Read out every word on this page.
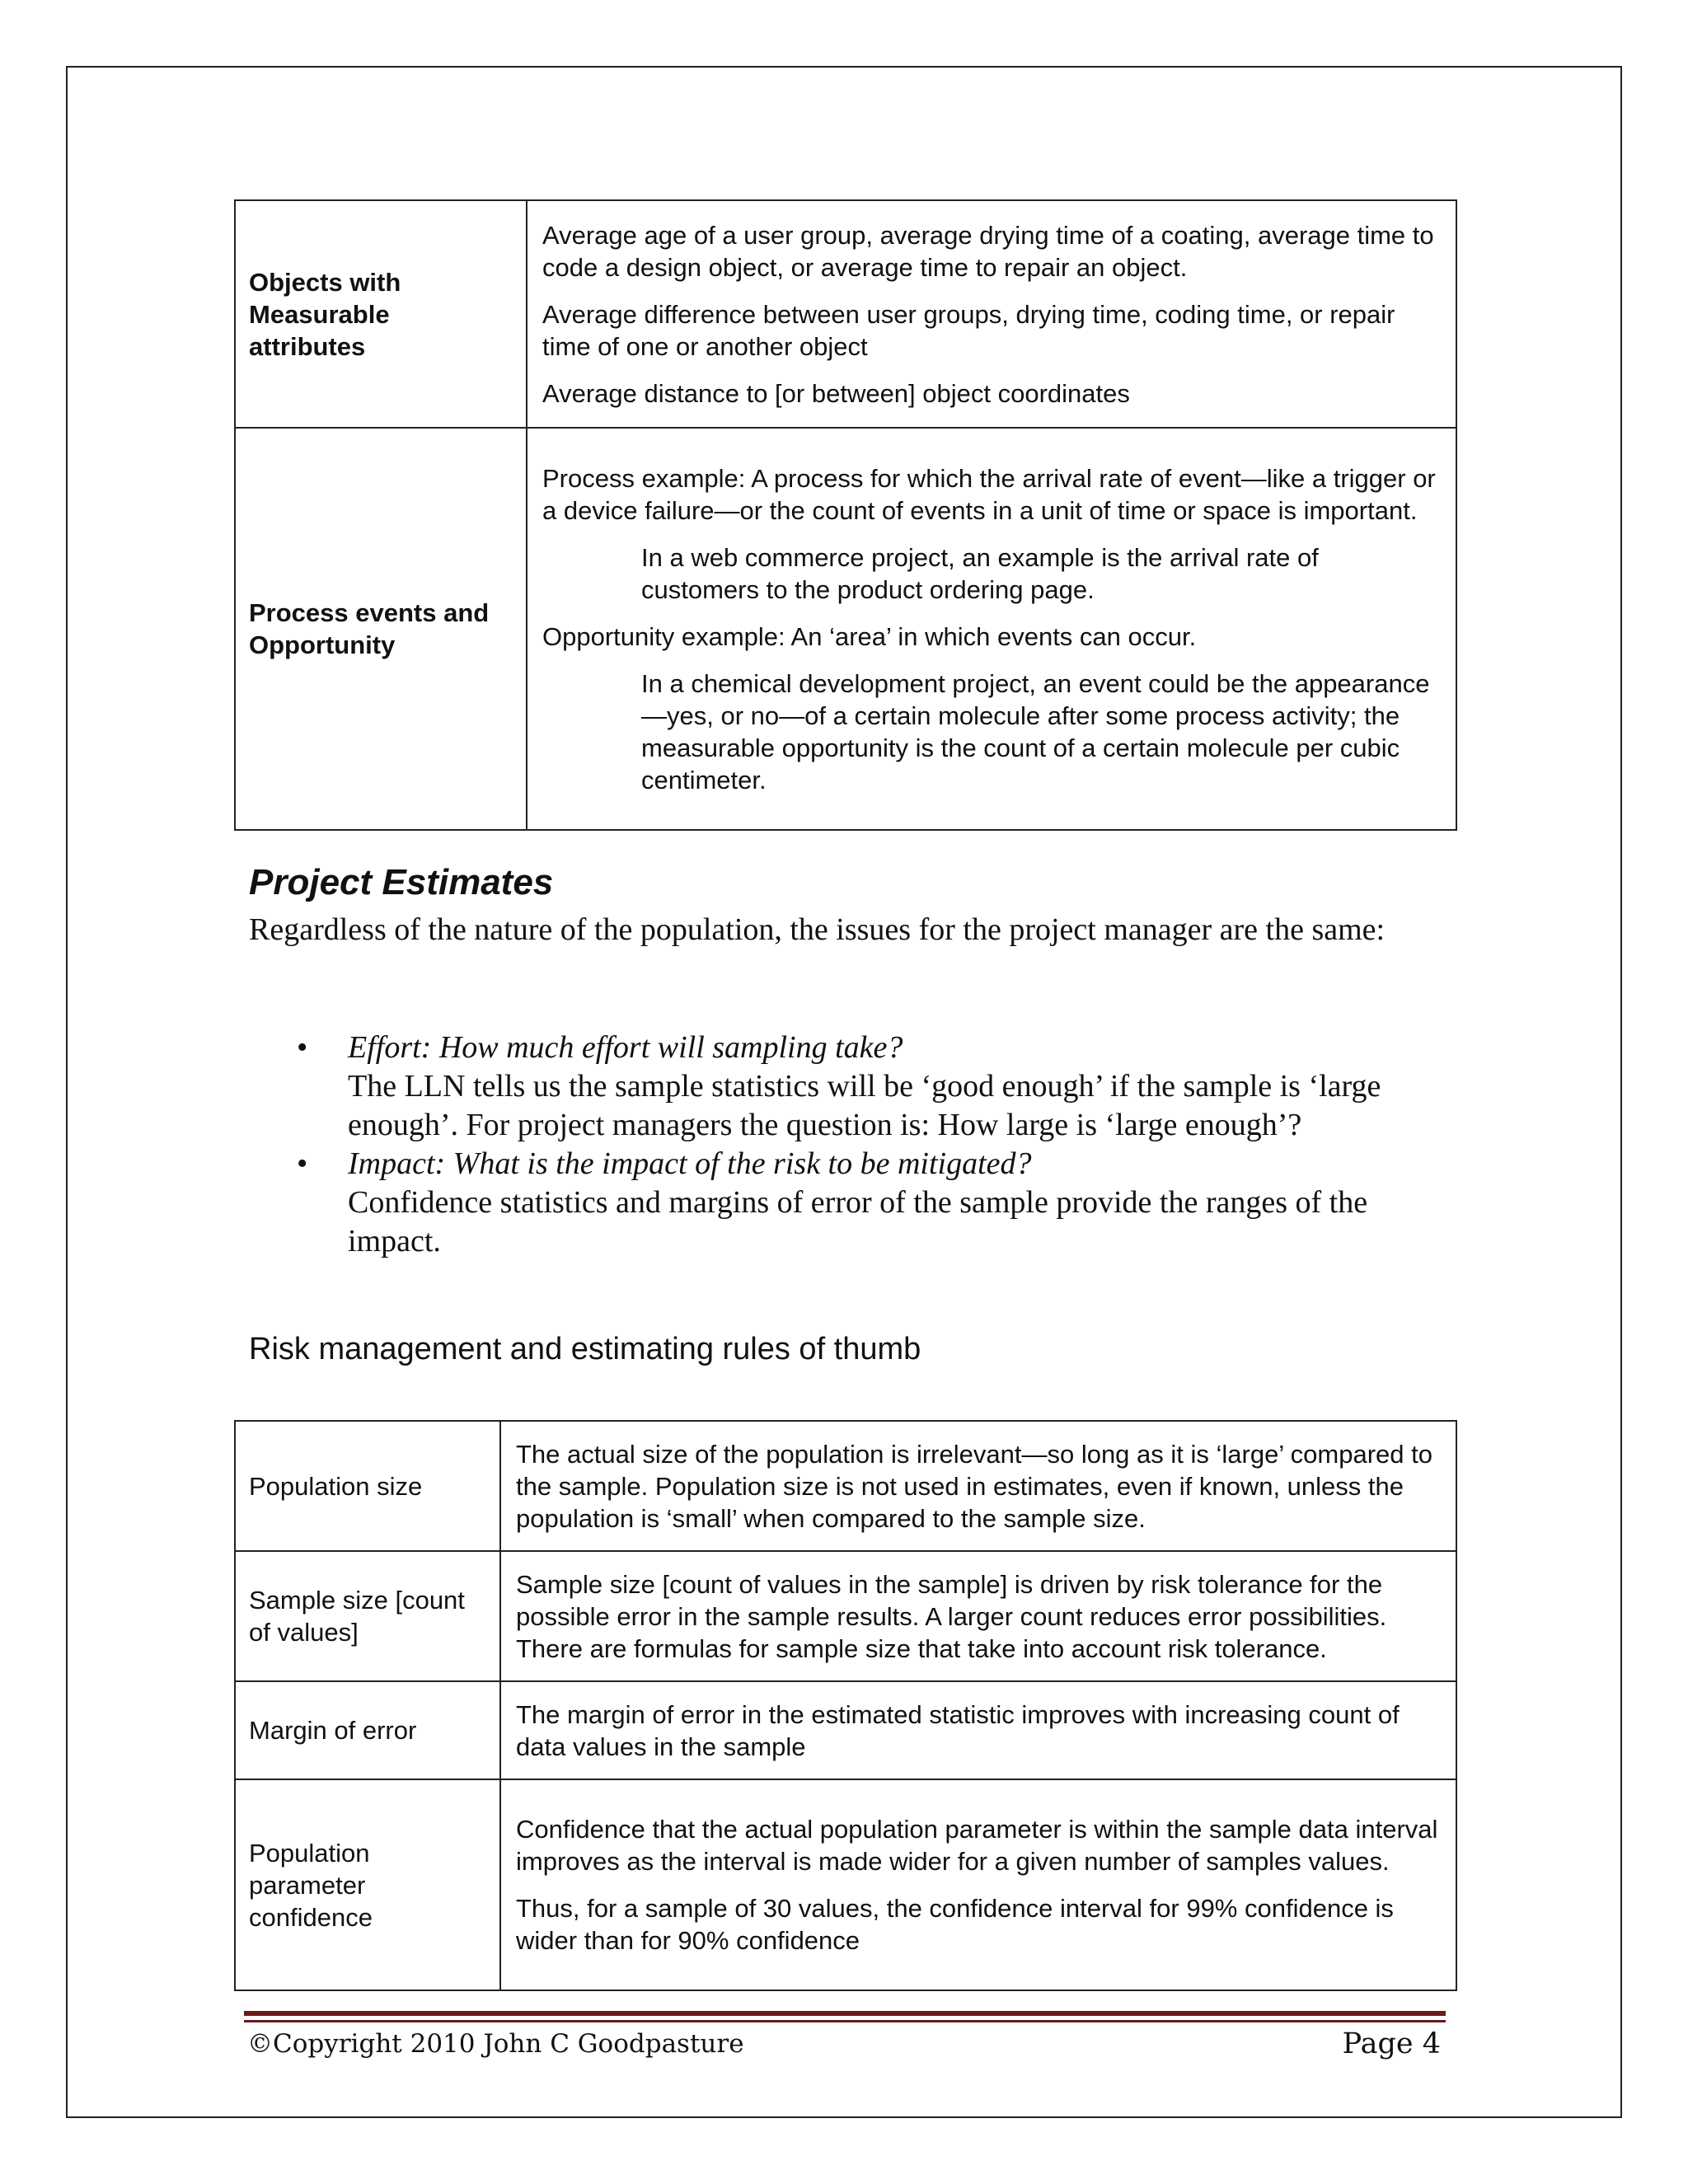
Objects with Measurable attributes	Average age of a user group, average drying time of a coating, average time to code a design object, or average time to repair an object.

Average difference between user groups, drying time, coding time, or repair time of one or another object

Average distance to [or between] object coordinates

Process events and Opportunity	Process example: A process for which the arrival rate of event—like a trigger or a device failure—or the count of events in a unit of time or space is important.

In a web commerce project, an example is the arrival rate of customers to the product ordering page.

Opportunity example: An ‘area’ in which events can occur.

In a chemical development project, an event could be the appearance—yes, or no—of a certain molecule after some process activity; the measurable opportunity is the count of a certain molecule per cubic centimeter.

Project Estimates

Regardless of the nature of the population, the issues for the project manager are the same:

• Effort: How much effort will sampling take?
The LLN tells us the sample statistics will be ‘good enough’ if the sample is ‘large enough’. For project managers the question is: How large is ‘large enough’?
• Impact: What is the impact of the risk to be mitigated?
Confidence statistics and margins of error of the sample provide the ranges of the impact.
Risk management and estimating rules of thumb
Population size	The actual size of the population is irrelevant—so long as it is ‘large’ compared to the sample. Population size is not used in estimates, even if known, unless the population is ‘small’ when compared to the sample size.

Sample size [count of values]	Sample size [count of values in the sample] is driven by risk tolerance for the possible error in the sample results. A larger count reduces error possibilities. There are formulas for sample size that take into account risk tolerance.

Margin of error	The margin of error in the estimated statistic improves with increasing count of data values in the sample

Population parameter confidence	Confidence that the actual population parameter is within the sample data interval improves as the interval is made wider for a given number of samples values.

Thus, for a sample of 30 values, the confidence interval for 99% confidence is wider than for 90% confidence

©Copyright 2010 John C Goodpasture	Page 4
